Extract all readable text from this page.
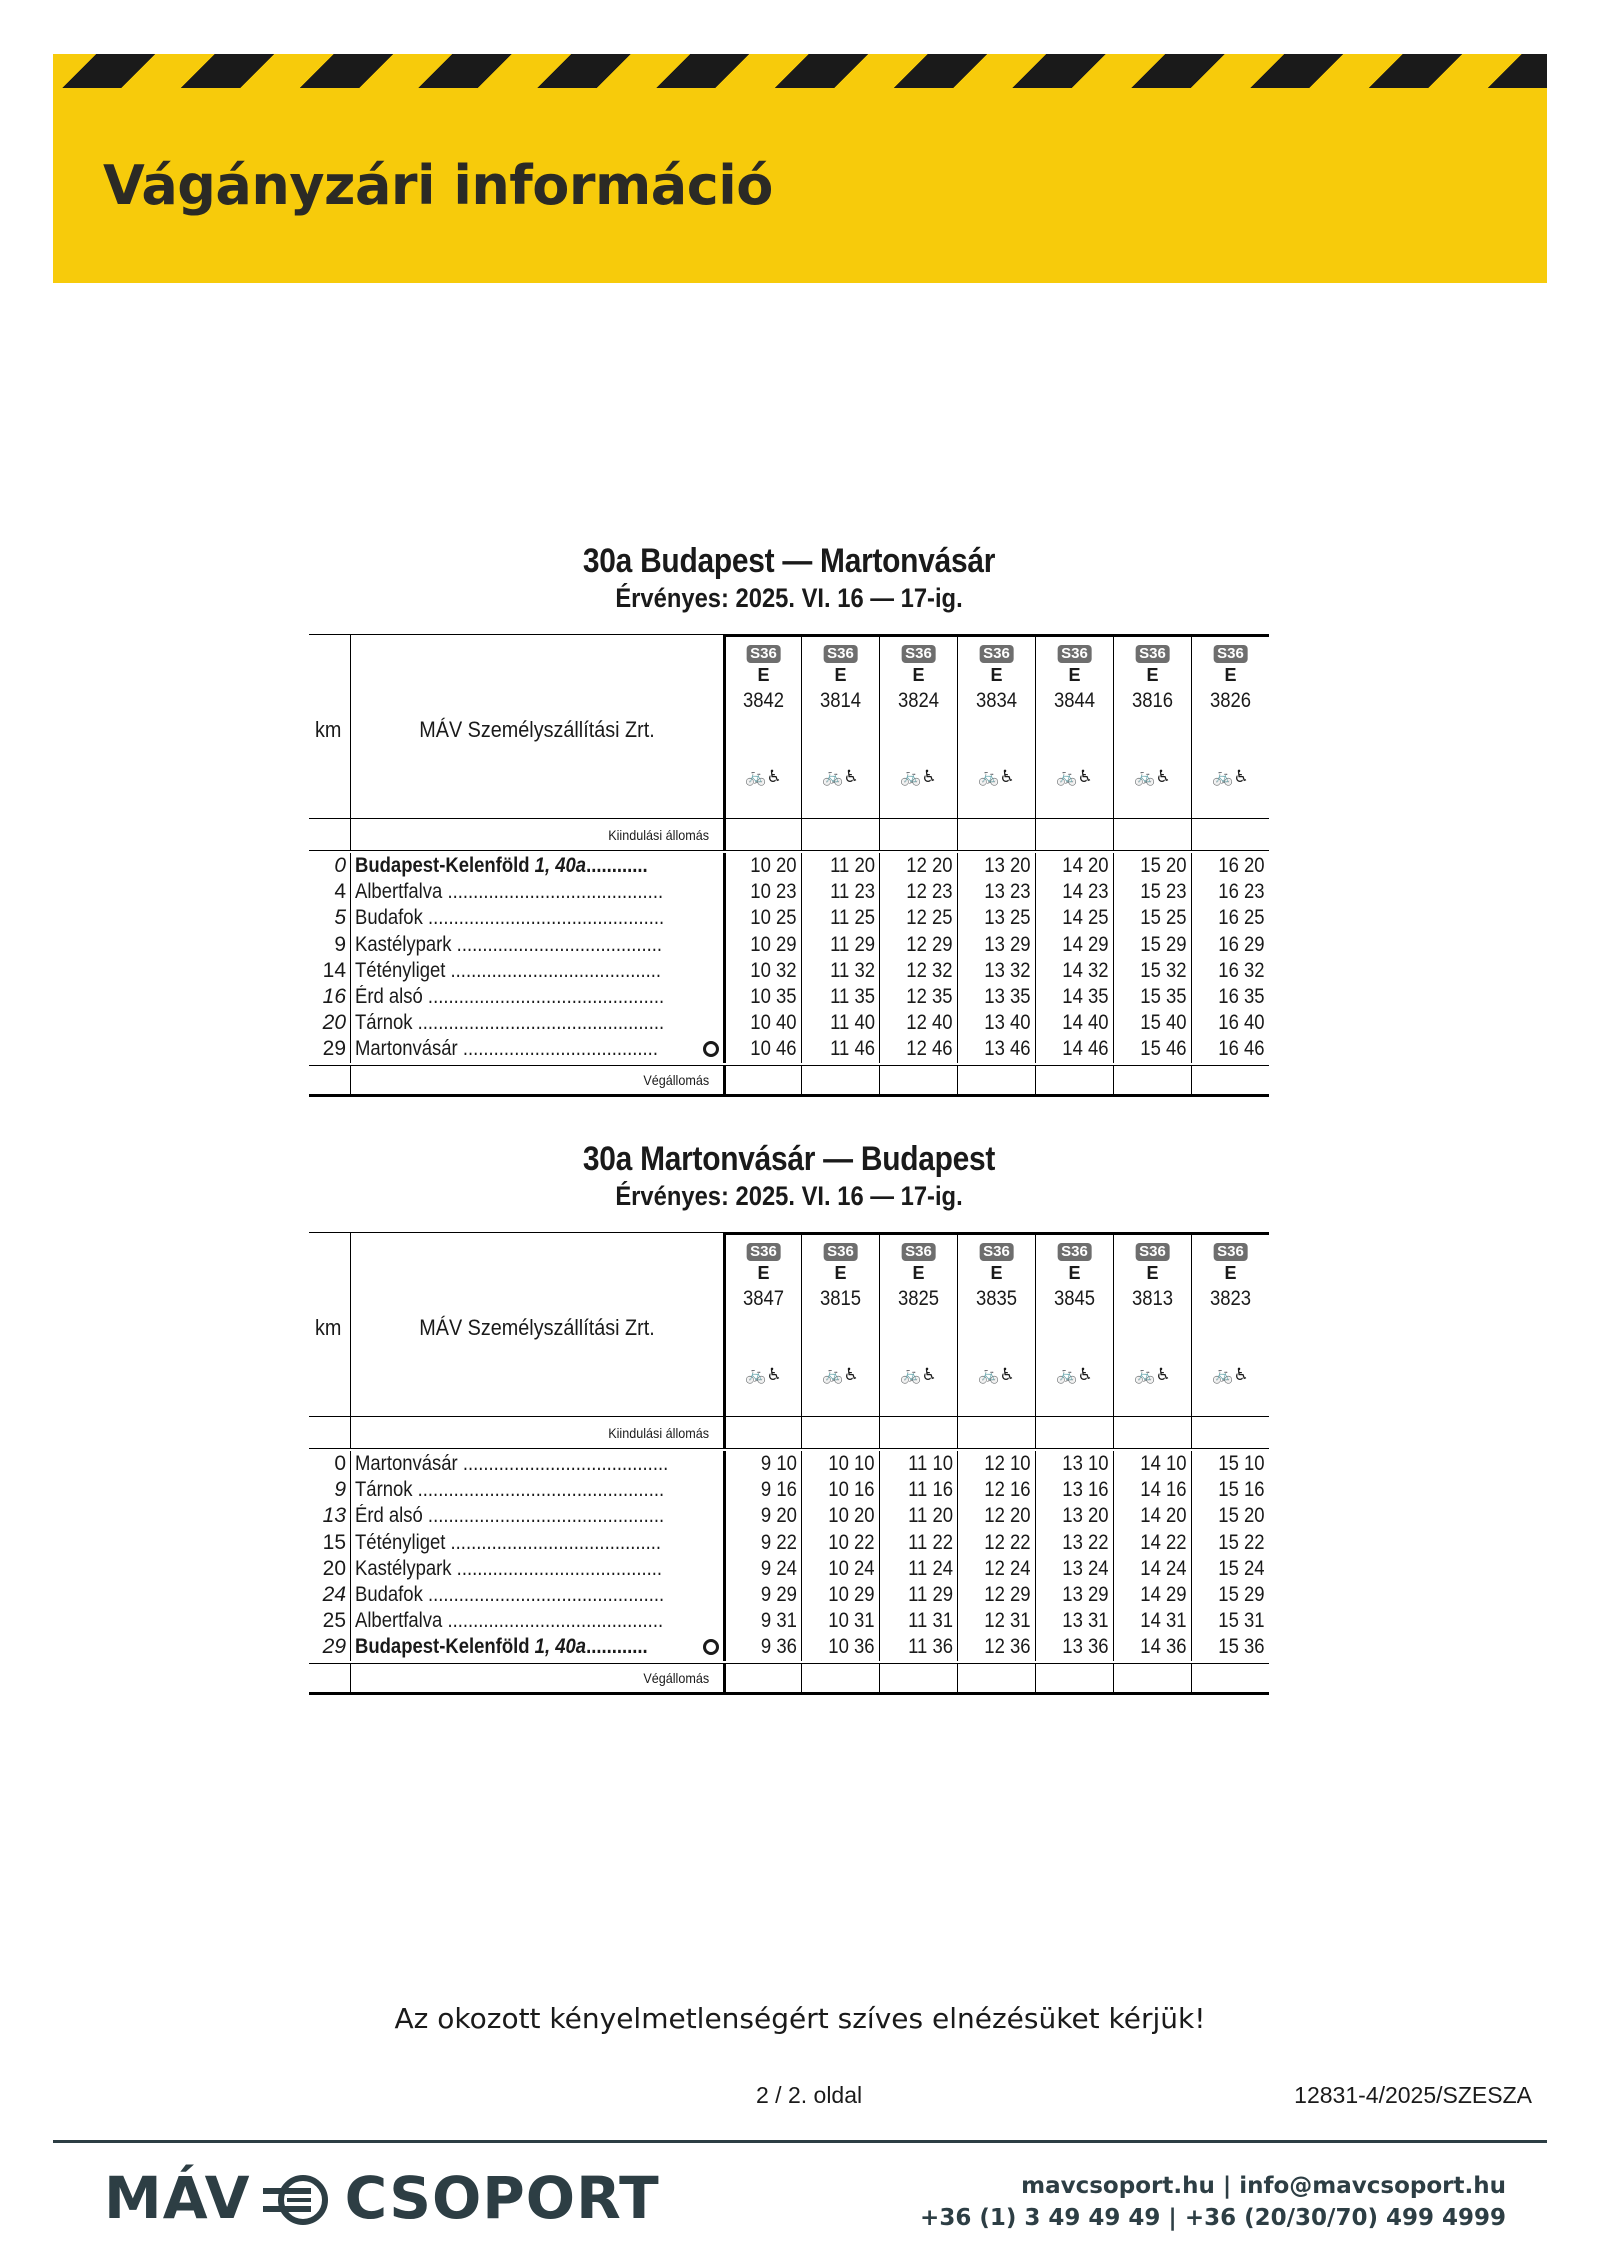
Vágányzári információ
30a Budapest — Martonvásár
Érvényes: 2025. VI. 16 — 17-ig.
km	MÁV Személyszállítási Zrt.
S36
E
3842
🚲♿
S36
E
3814
🚲♿
S36
E
3824
🚲♿
S36
E
3834
🚲♿
S36
E
3844
🚲♿
S36
E
3816
🚲♿
S36
E
3826
🚲♿
Kiindulási állomás
0 Budapest-Kelenföld 1, 40a............	10 20	11 20	12 20	13 20	14 20	15 20	16 20
4 Albertfalva ..........................................	10 23	11 23	12 23	13 23	14 23	15 23	16 23
5 Budafok ..............................................	10 25	11 25	12 25	13 25	14 25	15 25	16 25
9 Kastélypark ........................................	10 29	11 29	12 29	13 29	14 29	15 29	16 29
14 Tétényliget .........................................	10 32	11 32	12 32	13 32	14 32	15 32	16 32
16 Érd alsó ..............................................	10 35	11 35	12 35	13 35	14 35	15 35	16 35
20 Tárnok ................................................	10 40	11 40	12 40	13 40	14 40	15 40	16 40
29 Martonvásár ......................................	10 46	11 46	12 46	13 46	14 46	15 46	16 46
Végállomás
30a Martonvásár — Budapest
Érvényes: 2025. VI. 16 — 17-ig.
km	MÁV Személyszállítási Zrt.
S36
E
3847
🚲♿
S36
E
3815
🚲♿
S36
E
3825
🚲♿
S36
E
3835
🚲♿
S36
E
3845
🚲♿
S36
E
3813
🚲♿
S36
E
3823
🚲♿
Kiindulási állomás
0 Martonvásár ........................................	9 10	10 10	11 10	12 10	13 10	14 10	15 10
9 Tárnok ................................................	9 16	10 16	11 16	12 16	13 16	14 16	15 16
13 Érd alsó ..............................................	9 20	10 20	11 20	12 20	13 20	14 20	15 20
15 Tétényliget .........................................	9 22	10 22	11 22	12 22	13 22	14 22	15 22
20 Kastélypark ........................................	9 24	10 24	11 24	12 24	13 24	14 24	15 24
24 Budafok ..............................................	9 29	10 29	11 29	12 29	13 29	14 29	15 29
25 Albertfalva ..........................................	9 31	10 31	11 31	12 31	13 31	14 31	15 31
29 Budapest-Kelenföld 1, 40a............	9 36	10 36	11 36	12 36	13 36	14 36	15 36
Végállomás
Az okozott kényelmetlenségért szíves elnézésüket kérjük!
2 / 2. oldal	12831-4/2025/SZESZA
MÁV CSOPORT	mavcsoport.hu | info@mavcsoport.hu
+36 (1) 3 49 49 49 | +36 (20/30/70) 499 4999
